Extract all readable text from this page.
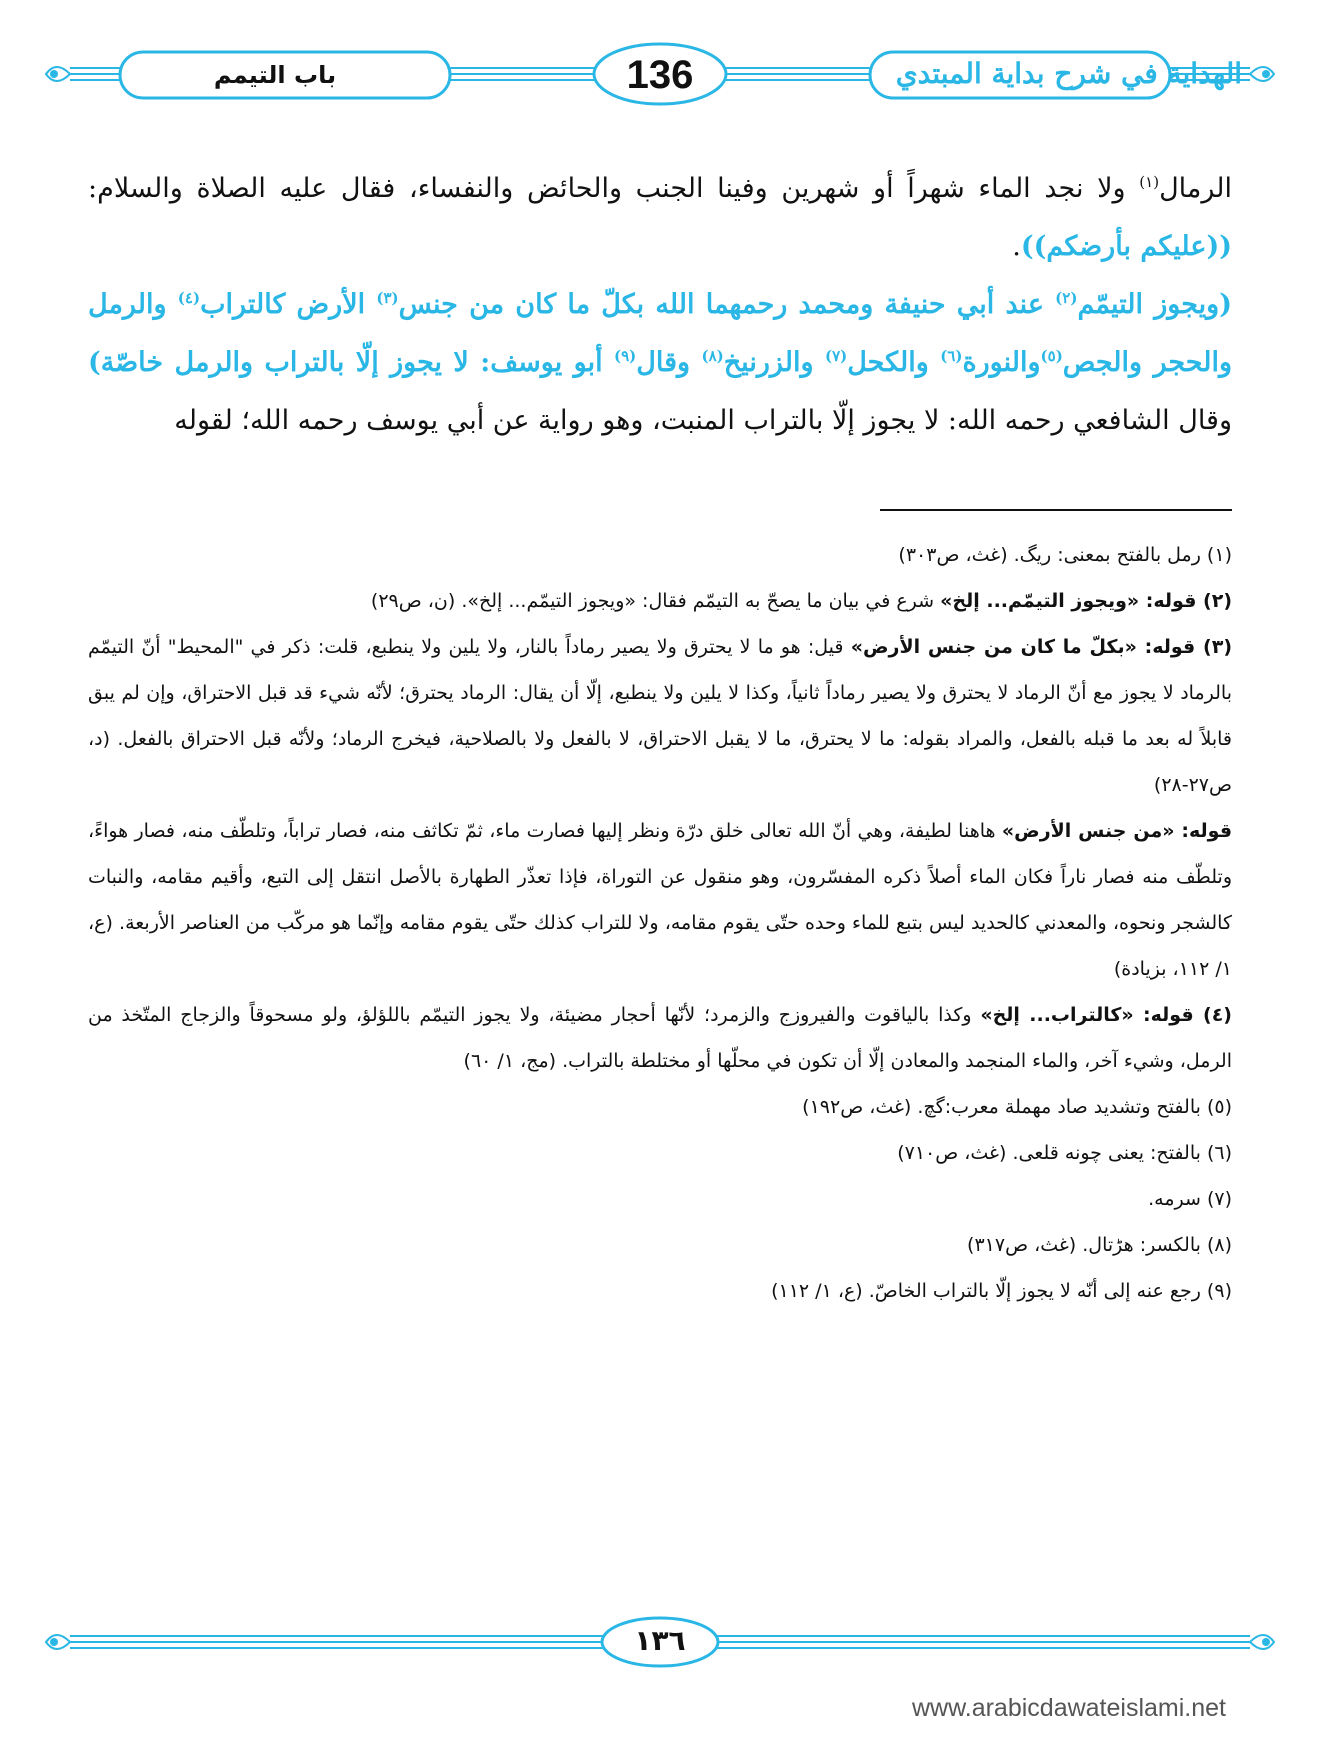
الهداية في شرح بداية المبتدي
136
باب التيمم

الرمال$^{(١)}$ ولا نجد الماء شهراً أو شهرين وفينا الجنب والحائض والنفساء، فقال عليه الصلاة والسلام: ((عليكم بأرضكم)).

(ويجوز التيمّم$^{(٢)}$ عند أبي حنيفة ومحمد رحمهما الله بكلّ ما كان من جنس$^{(٣)}$ الأرض كالتراب$^{(٤)}$ والرمل والحجر والجص$^{(٥)}$والنورة$^{(٦)}$ والكحل$^{(٧)}$ والزرنيخ$^{(٨)}$ وقال$^{(٩)}$ أبو يوسف: لا يجوز إلّا بالتراب والرمل خاصّة) وقال الشافعي رحمه الله: لا يجوز إلّا بالتراب المنبت، وهو رواية عن أبي يوسف رحمه الله؛ لقوله

(١) رمل بالفتح بمعنى: ريگ. (غث، ص٣٠٣)

(٢) قوله: «ويجوز التيمّم... إلخ» شرع في بيان ما يصحّ به التيمّم فقال: «ويجوز التيمّم... إلخ». (ن، ص٢٩)

(٣) قوله: «بكلّ ما كان من جنس الأرض» قيل: هو ما لا يحترق ولا يصير رماداً بالنار، ولا يلين ولا ينطبع، قلت: ذكر في "المحيط" أنّ التيمّم بالرماد لا يجوز مع أنّ الرماد لا يحترق ولا يصير رماداً ثانياً، وكذا لا يلين ولا ينطبع، إلّا أن يقال: الرماد يحترق؛ لأنّه شيء قد قبل الاحتراق، وإن لم يبق قابلاً له بعد ما قبله بالفعل، والمراد بقوله: ما لا يحترق، ما لا يقبل الاحتراق، لا بالفعل ولا بالصلاحية، فيخرج الرماد؛ ولأنّه قبل الاحتراق بالفعل. (د، ص٢٧-٢٨)

قوله: «من جنس الأرض» هاهنا لطيفة، وهي أنّ الله تعالى خلق درّة ونظر إليها فصارت ماء، ثمّ تكاثف منه، فصار تراباً، وتلطّف منه، فصار هواءً، وتلطّف منه فصار ناراً فكان الماء أصلاً ذكره المفسّرون، وهو منقول عن التوراة، فإذا تعذّر الطهارة بالأصل انتقل إلى التبع، وأقيم مقامه، والنبات كالشجر ونحوه، والمعدني كالحديد ليس بتبع للماء وحده حتّى يقوم مقامه، ولا للتراب كذلك حتّى يقوم مقامه وإنّما هو مركّب من العناصر الأربعة. (ع، ١/ ١١٢، بزيادة)

(٤) قوله: «كالتراب... إلخ» وكذا بالياقوت والفيروزج والزمرد؛ لأنّها أحجار مضيئة، ولا يجوز التيمّم باللؤلؤ، ولو مسحوقاً والزجاج المتّخذ من الرمل، وشيء آخر، والماء المنجمد والمعادن إلّا أن تكون في محلّها أو مختلطة بالتراب. (مج، ١/ ٦٠)

(٥) بالفتح وتشديد صاد مهملة معرب:گچ. (غث، ص١٩٢)

(٦) بالفتح: يعنى چونه قلعى. (غث، ص٧١٠)

(٧) سرمه.

(٨) بالكسر: هڑتال. (غث، ص٣١٧)

(٩) رجع عنه إلى أنّه لا يجوز إلّا بالتراب الخاصّ. (ع، ١/ ١١٢)

١٣٦
www.arabicdawateislami.net
